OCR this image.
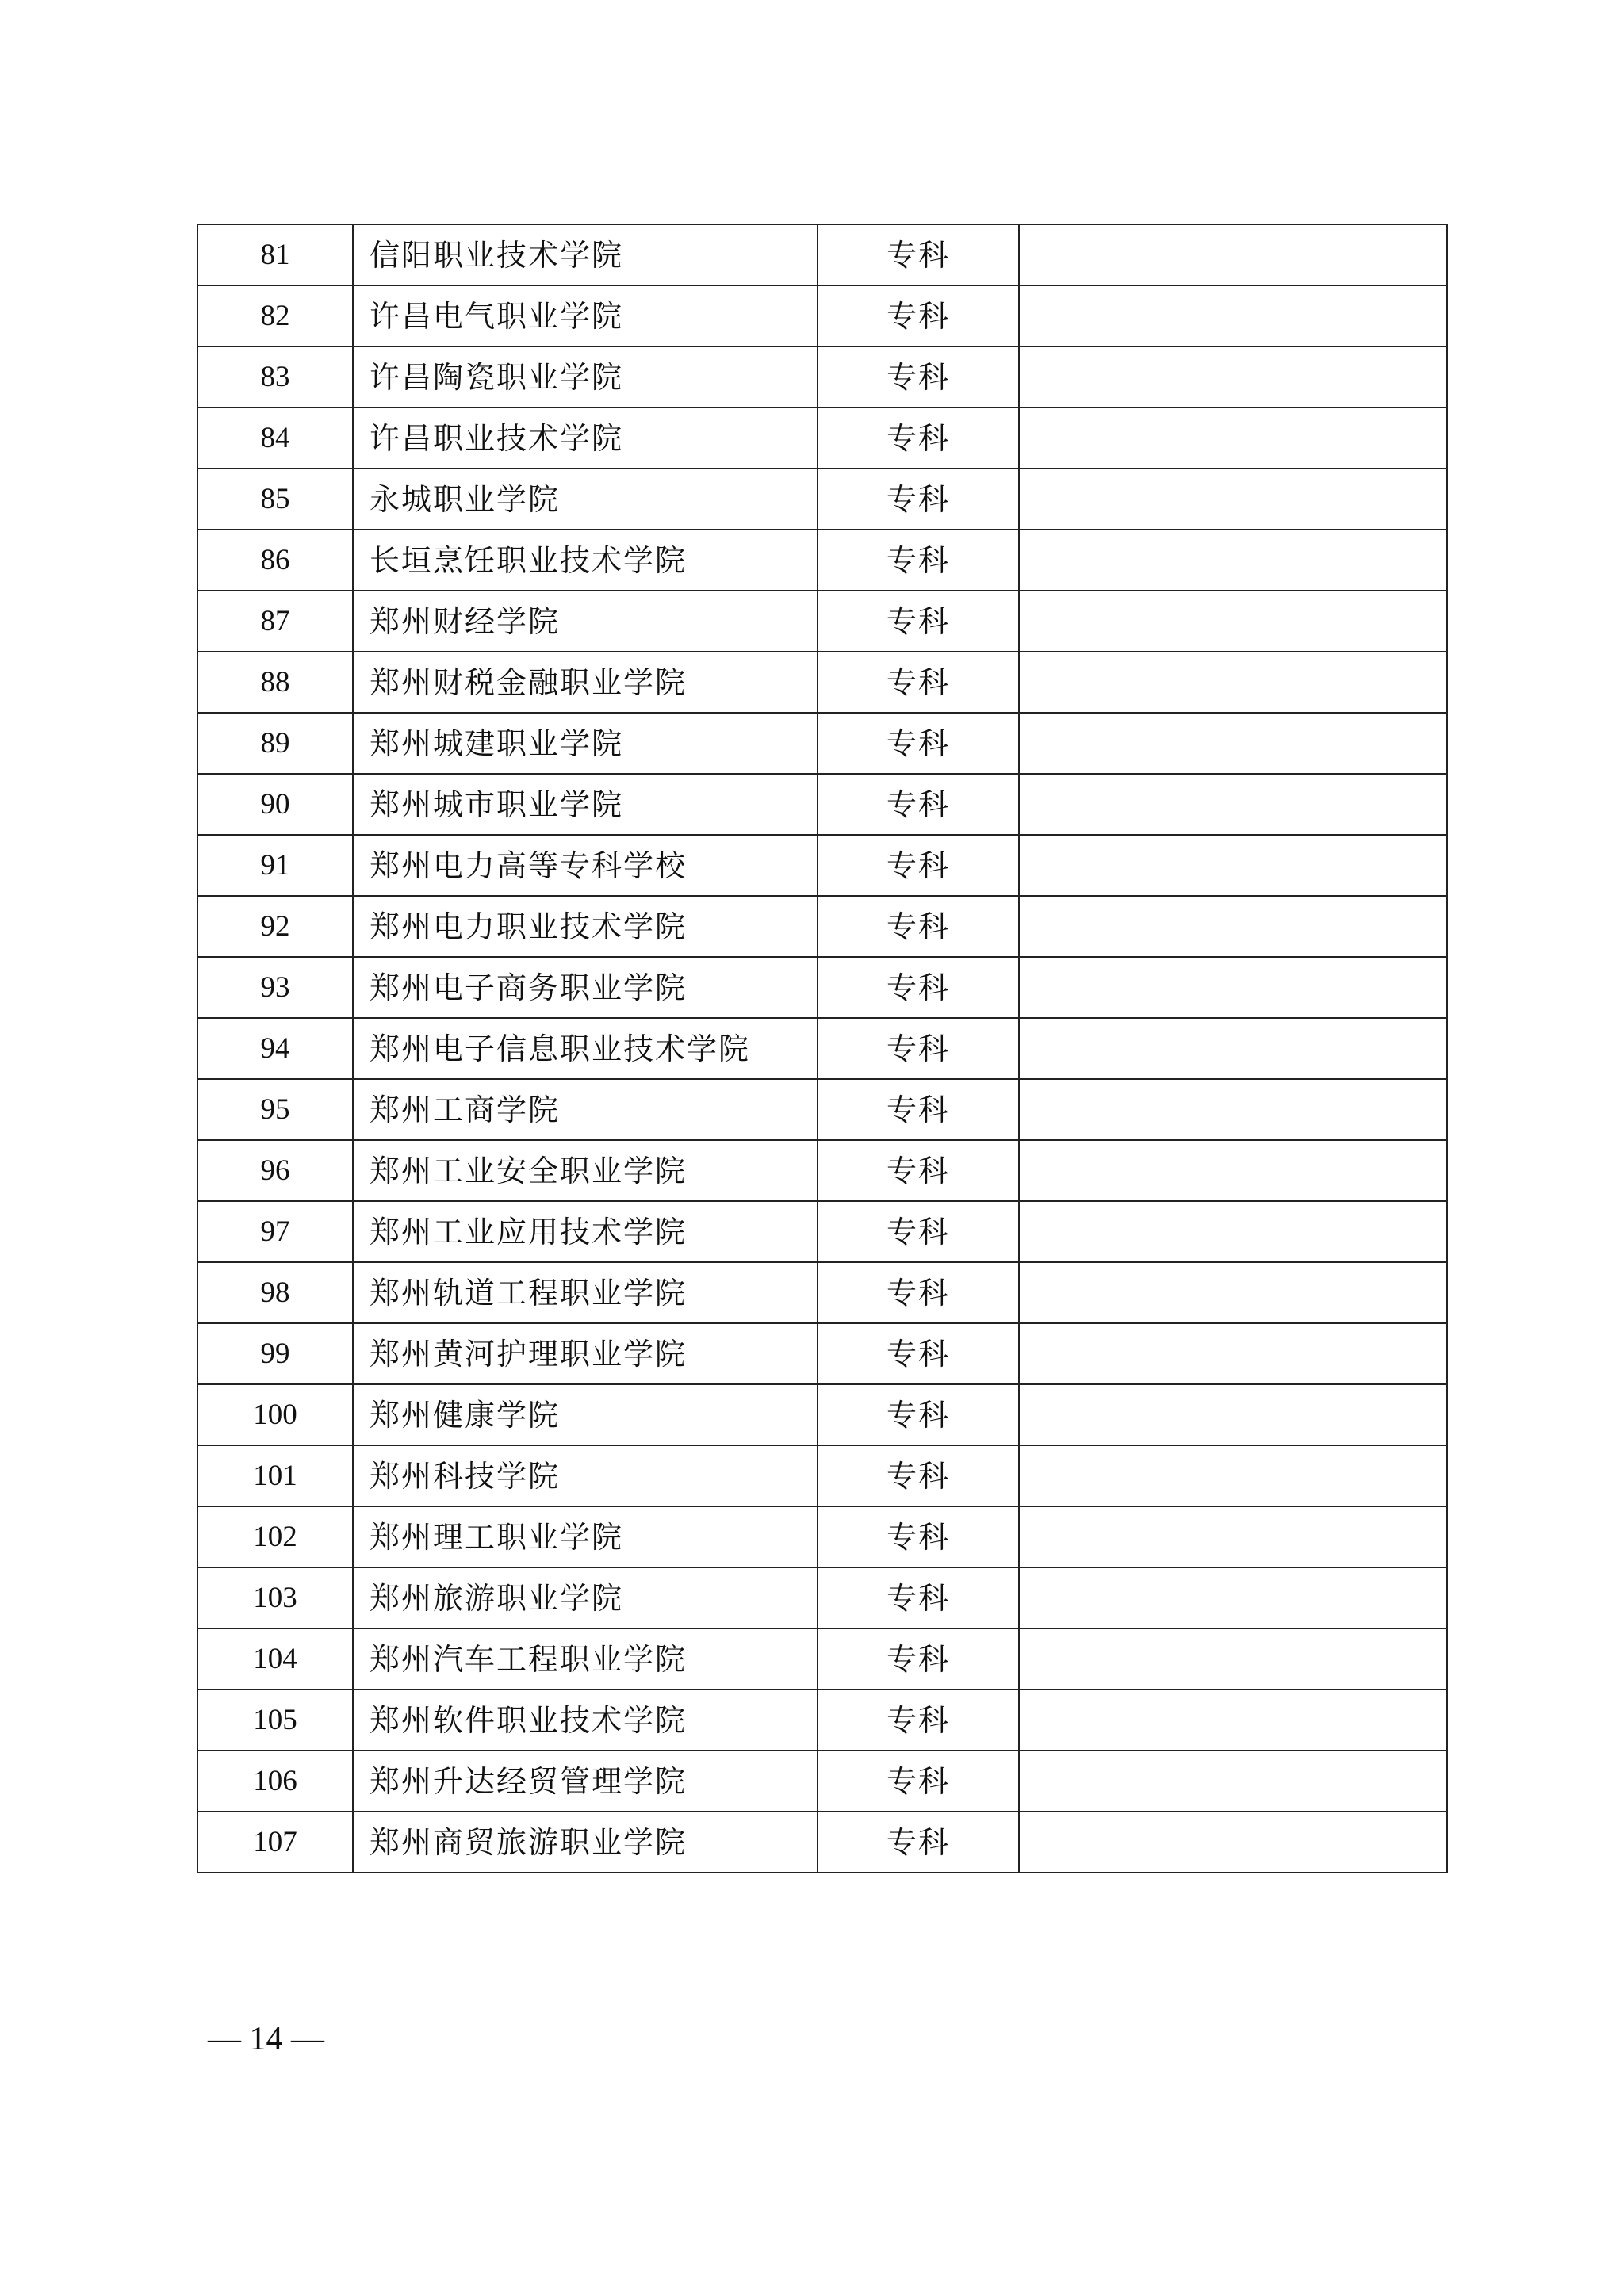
81	信阳职业技术学院	专科	
82	许昌电气职业学院	专科	
83	许昌陶瓷职业学院	专科	
84	许昌职业技术学院	专科	
85	永城职业学院	专科	
86	长垣烹饪职业技术学院	专科	
87	郑州财经学院	专科	
88	郑州财税金融职业学院	专科	
89	郑州城建职业学院	专科	
90	郑州城市职业学院	专科	
91	郑州电力高等专科学校	专科	
92	郑州电力职业技术学院	专科	
93	郑州电子商务职业学院	专科	
94	郑州电子信息职业技术学院	专科	
95	郑州工商学院	专科	
96	郑州工业安全职业学院	专科	
97	郑州工业应用技术学院	专科	
98	郑州轨道工程职业学院	专科	
99	郑州黄河护理职业学院	专科	
100	郑州健康学院	专科	
101	郑州科技学院	专科	
102	郑州理工职业学院	专科	
103	郑州旅游职业学院	专科	
104	郑州汽车工程职业学院	专科	
105	郑州软件职业技术学院	专科	
106	郑州升达经贸管理学院	专科	
107	郑州商贸旅游职业学院	专科	
— 14 —
